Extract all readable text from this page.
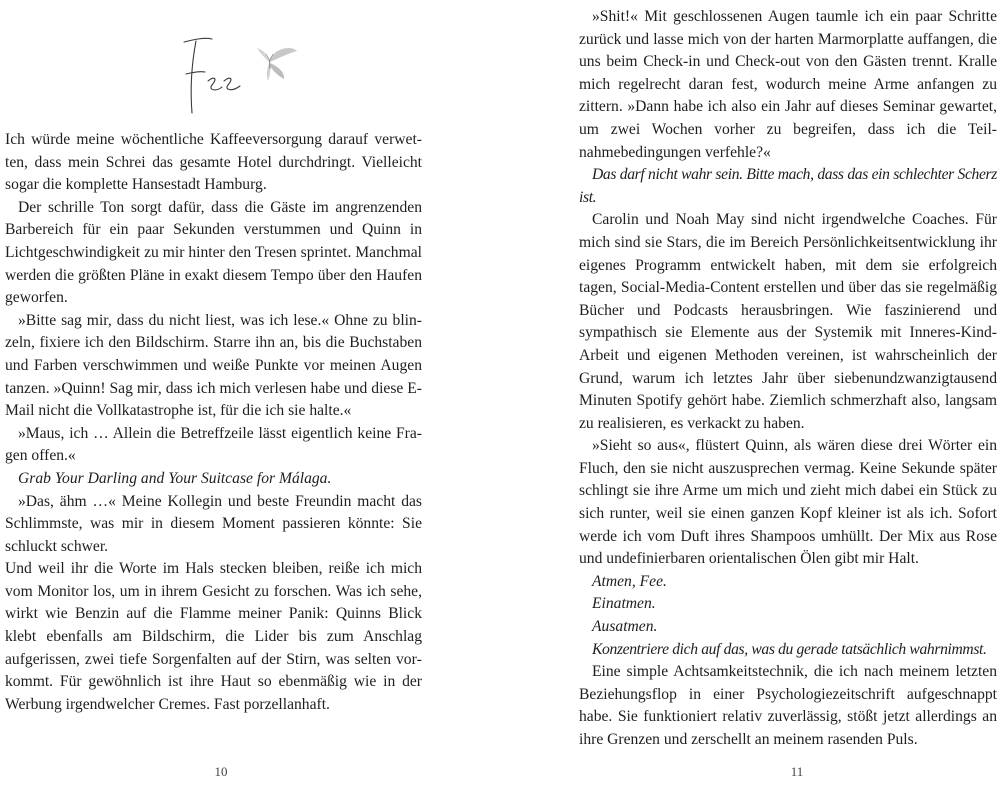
Ich würde meine wöchentliche Kaffeeversorgung darauf verwetten, dass mein Schrei das gesamte Hotel durchdringt. Vielleicht sogar die komplette Hansestadt Hamburg.

Der schrille Ton sorgt dafür, dass die Gäste im angrenzenden Barbereich für ein paar Sekunden verstummen und Quinn in Lichtgeschwindigkeit zu mir hinter den Tresen sprintet. Manchmal werden die größten Pläne in exakt diesem Tempo über den Haufen geworfen.

»Bitte sag mir, dass du nicht liest, was ich lese.« Ohne zu blinzeln, fixiere ich den Bildschirm. Starre ihn an, bis die Buchstaben und Farben verschwimmen und weiße Punkte vor meinen Augen tanzen. »Quinn! Sag mir, dass ich mich verlesen habe und diese E-Mail nicht die Vollkatastrophe ist, für die ich sie halte.«

»Maus, ich … Allein die Betreffzeile lässt eigentlich keine Fragen offen.«

Grab Your Darling and Your Suitcase for Málaga.

»Das, ähm …« Meine Kollegin und beste Freundin macht das Schlimmste, was mir in diesem Moment passieren könnte: Sie schluckt schwer.

Und weil ihr die Worte im Hals stecken bleiben, reiße ich mich vom Monitor los, um in ihrem Gesicht zu forschen. Was ich sehe, wirkt wie Benzin auf die Flamme meiner Panik: Quinns Blick klebt ebenfalls am Bildschirm, die Lider bis zum Anschlag aufgerissen, zwei tiefe Sorgenfalten auf der Stirn, was selten vorkommt. Für gewöhnlich ist ihre Haut so ebenmäßig wie in der Werbung irgendwelcher Cremes. Fast porzellanhaft.

10

»Shit!« Mit geschlossenen Augen taumle ich ein paar Schritte zurück und lasse mich von der harten Marmorplatte auffangen, die uns beim Check-in und Check-out von den Gästen trennt. Kralle mich regelrecht daran fest, wodurch meine Arme anfangen zu zittern. »Dann habe ich also ein Jahr auf dieses Seminar gewartet, um zwei Wochen vorher zu begreifen, dass ich die Teilnahmebedingungen verfehle?«

Das darf nicht wahr sein. Bitte mach, dass das ein schlechter Scherz ist.

Carolin und Noah May sind nicht irgendwelche Coaches. Für mich sind sie Stars, die im Bereich Persönlichkeitsentwicklung ihr eigenes Programm entwickelt haben, mit dem sie erfolgreich tagen, Social-Media-Content erstellen und über das sie regelmäßig Bücher und Podcasts herausbringen. Wie faszinierend und sympathisch sie Elemente aus der Systemik mit Inneres-Kind-Arbeit und eigenen Methoden vereinen, ist wahrscheinlich der Grund, warum ich letztes Jahr über siebenundzwanzigtausend Minuten Spotify gehört habe. Ziemlich schmerzhaft also, langsam zu realisieren, es verkackt zu haben.

»Sieht so aus«, flüstert Quinn, als wären diese drei Wörter ein Fluch, den sie nicht auszusprechen vermag. Keine Sekunde später schlingt sie ihre Arme um mich und zieht mich dabei ein Stück zu sich runter, weil sie einen ganzen Kopf kleiner ist als ich. Sofort werde ich vom Duft ihres Shampoos umhüllt. Der Mix aus Rose und undefinierbaren orientalischen Ölen gibt mir Halt.

Atmen, Fee.

Einatmen.

Ausatmen.

Konzentriere dich auf das, was du gerade tatsächlich wahrnimmst.

Eine simple Achtsamkeitstechnik, die ich nach meinem letzten Beziehungsflop in einer Psychologiezeitschrift aufgeschnappt habe. Sie funktioniert relativ zuverlässig, stößt jetzt allerdings an ihre Grenzen und zerschellt an meinem rasenden Puls.

11
